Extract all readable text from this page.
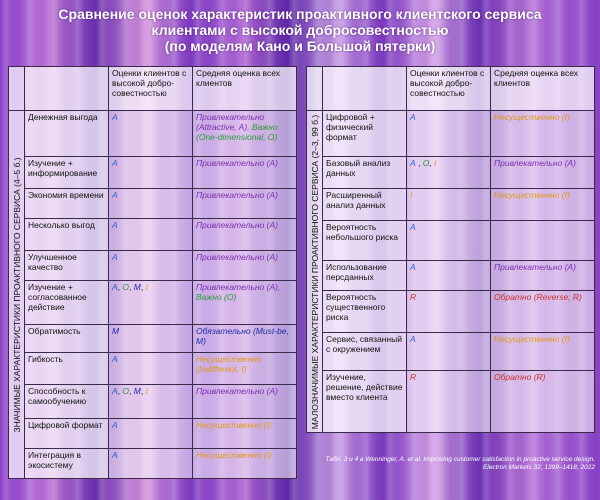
Сравнение оценок характеристик проактивного клиентского сервиса
клиентами с высокой добросовестностью
(по моделям Кано и Большой пятерки)
		Оценки клиентов с высокой добро-совестностью	Средняя оценка всех клиентов

ЗНАЧИМЫЕ ХАРАКТЕРИСТИКИ ПРОАКТИВНОГО СЕРВИСА (4–5 б.)	Денежная выгода	A	Привлекательно (Attractive, A), Важно (One-dimensional, O)
	Изучение + информирование	A	Привлекательно (A)
	Экономия времени	A	Привлекательно (A)
	Несколько выгод	A	Привлекательно (A)
	Улучшенное качество	A	Привлекательно (A)
	Изучение + согласованное действие	A, O, M, I	Привлекательно (A), Важно (O)
	Обратимость	M	Обязательно (Must-be, M)
	Гибкость	A	Несущественно (Indifferent, I)
	Способность к самообучению	A, O, M, I	Привлекательно (A)
	Цифровой формат	A	Несущественно (I)
	Интеграция в экосистему	A	Несущественно (I)
		Оценки клиентов с высокой добро-совестностью	Средняя оценка всех клиентов

МАЛОЗНАЧИМЫЕ ХАРАКТЕРИСТИКИ ПРОАКТИВНОГО СЕРВИСА (2–3, 99 б.)	Цифровой + физический формат	A	Несущественно (I)
	Базовый анализ данных	A , O, I	Привлекательно (A)
	Расширенный анализ данных	I	Несущественно (I)
	Вероятность небольшого риска	A	
	Использование персданных	A	Привлекательно (A)
	Вероятность существенного риска	R	Обратно (Reverse, R)
	Сервис, связанный с окружением	A	Несущественно (I)
	Изучение, решение, действие вместо клиента	R	Обратно (R)
Табл. 3 и 4 в Wenninger, A. et al. Improving customer satisfaction in proactive service design. Electron Markets 32, 1399–1418, 2022
